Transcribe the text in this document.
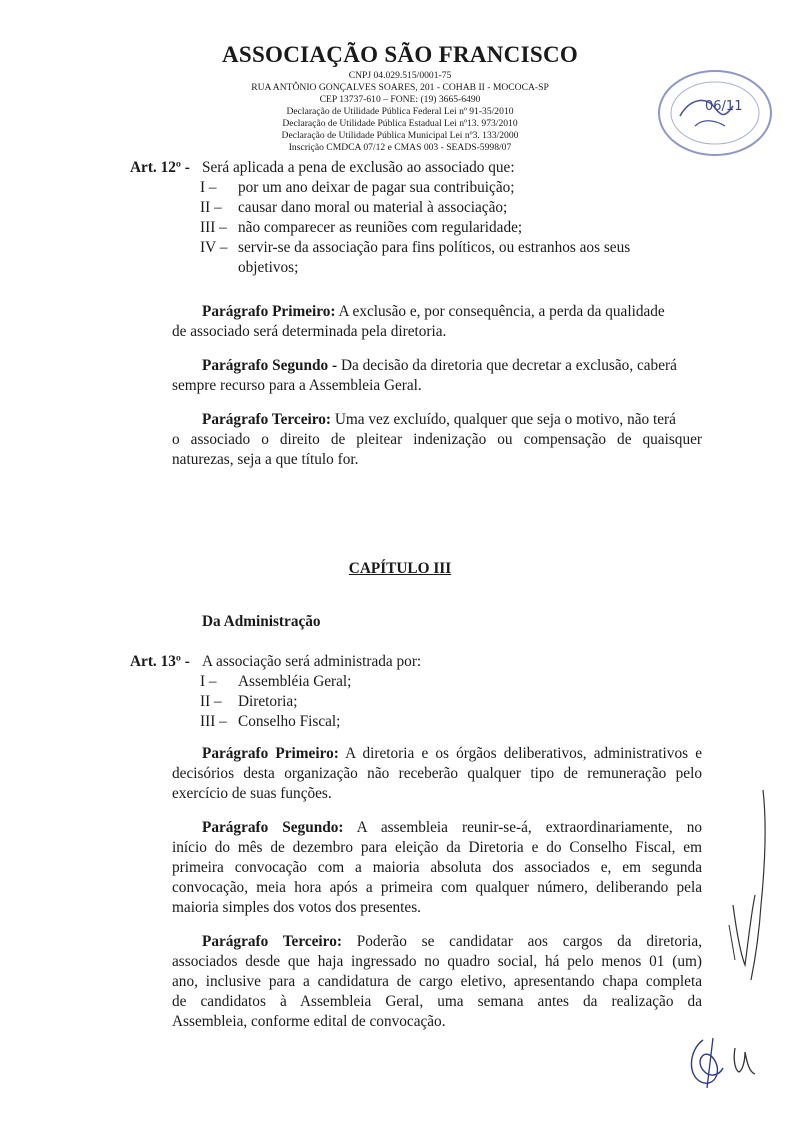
ASSOCIAÇÃO SÃO FRANCISCO
CNPJ 04.029.515/0001-75
RUA ANTÔNIO GONÇALVES SOARES, 201 - COHAB II - MOCOCA-SP
CEP 13737-610 – FONE: (19) 3665-6490
Declaração de Utilidade Pública Federal Lei nº 91-35/2010
Declaração de Utilidade Pública Estadual Lei nº13. 973/2010
Declaração de Utilidade Pública Municipal Lei nº3. 133/2000
Inscrição CMDCA 07/12 e CMAS 003 - SEADS-5998/07
06/11
Art. 12º - Será aplicada a pena de exclusão ao associado que:
I – por um ano deixar de pagar sua contribuição;
II – causar dano moral ou material à associação;
III – não comparecer as reuniões com regularidade;
IV – servir-se da associação para fins políticos, ou estranhos aos seus
objetivos;
Parágrafo Primeiro: A exclusão e, por consequência, a perda da qualidade
de associado será determinada pela diretoria.
Parágrafo Segundo - Da decisão da diretoria que decretar a exclusão, caberá
sempre recurso para a Assembleia Geral.
Parágrafo Terceiro: Uma vez excluído, qualquer que seja o motivo, não terá
o associado o direito de pleitear indenização ou compensação de quaisquer
naturezas, seja a que título for.
CAPÍTULO III
Da Administração
Art. 13º - A associação será administrada por:
I – Assembléia Geral;
II – Diretoria;
III – Conselho Fiscal;
Parágrafo Primeiro: A diretoria e os órgãos deliberativos, administrativos e
decisórios desta organização não receberão qualquer tipo de remuneração pelo
exercício de suas funções.
Parágrafo Segundo: A assembleia reunir-se-á, extraordinariamente, no
início do mês de dezembro para eleição da Diretoria e do Conselho Fiscal, em
primeira convocação com a maioria absoluta dos associados e, em segunda
convocação, meia hora após a primeira com qualquer número, deliberando pela
maioria simples dos votos dos presentes.
Parágrafo Terceiro: Poderão se candidatar aos cargos da diretoria,
associados desde que haja ingressado no quadro social, há pelo menos 01 (um)
ano, inclusive para a candidatura de cargo eletivo, apresentando chapa completa
de candidatos à Assembleia Geral, uma semana antes da realização da
Assembleia, conforme edital de convocação.
